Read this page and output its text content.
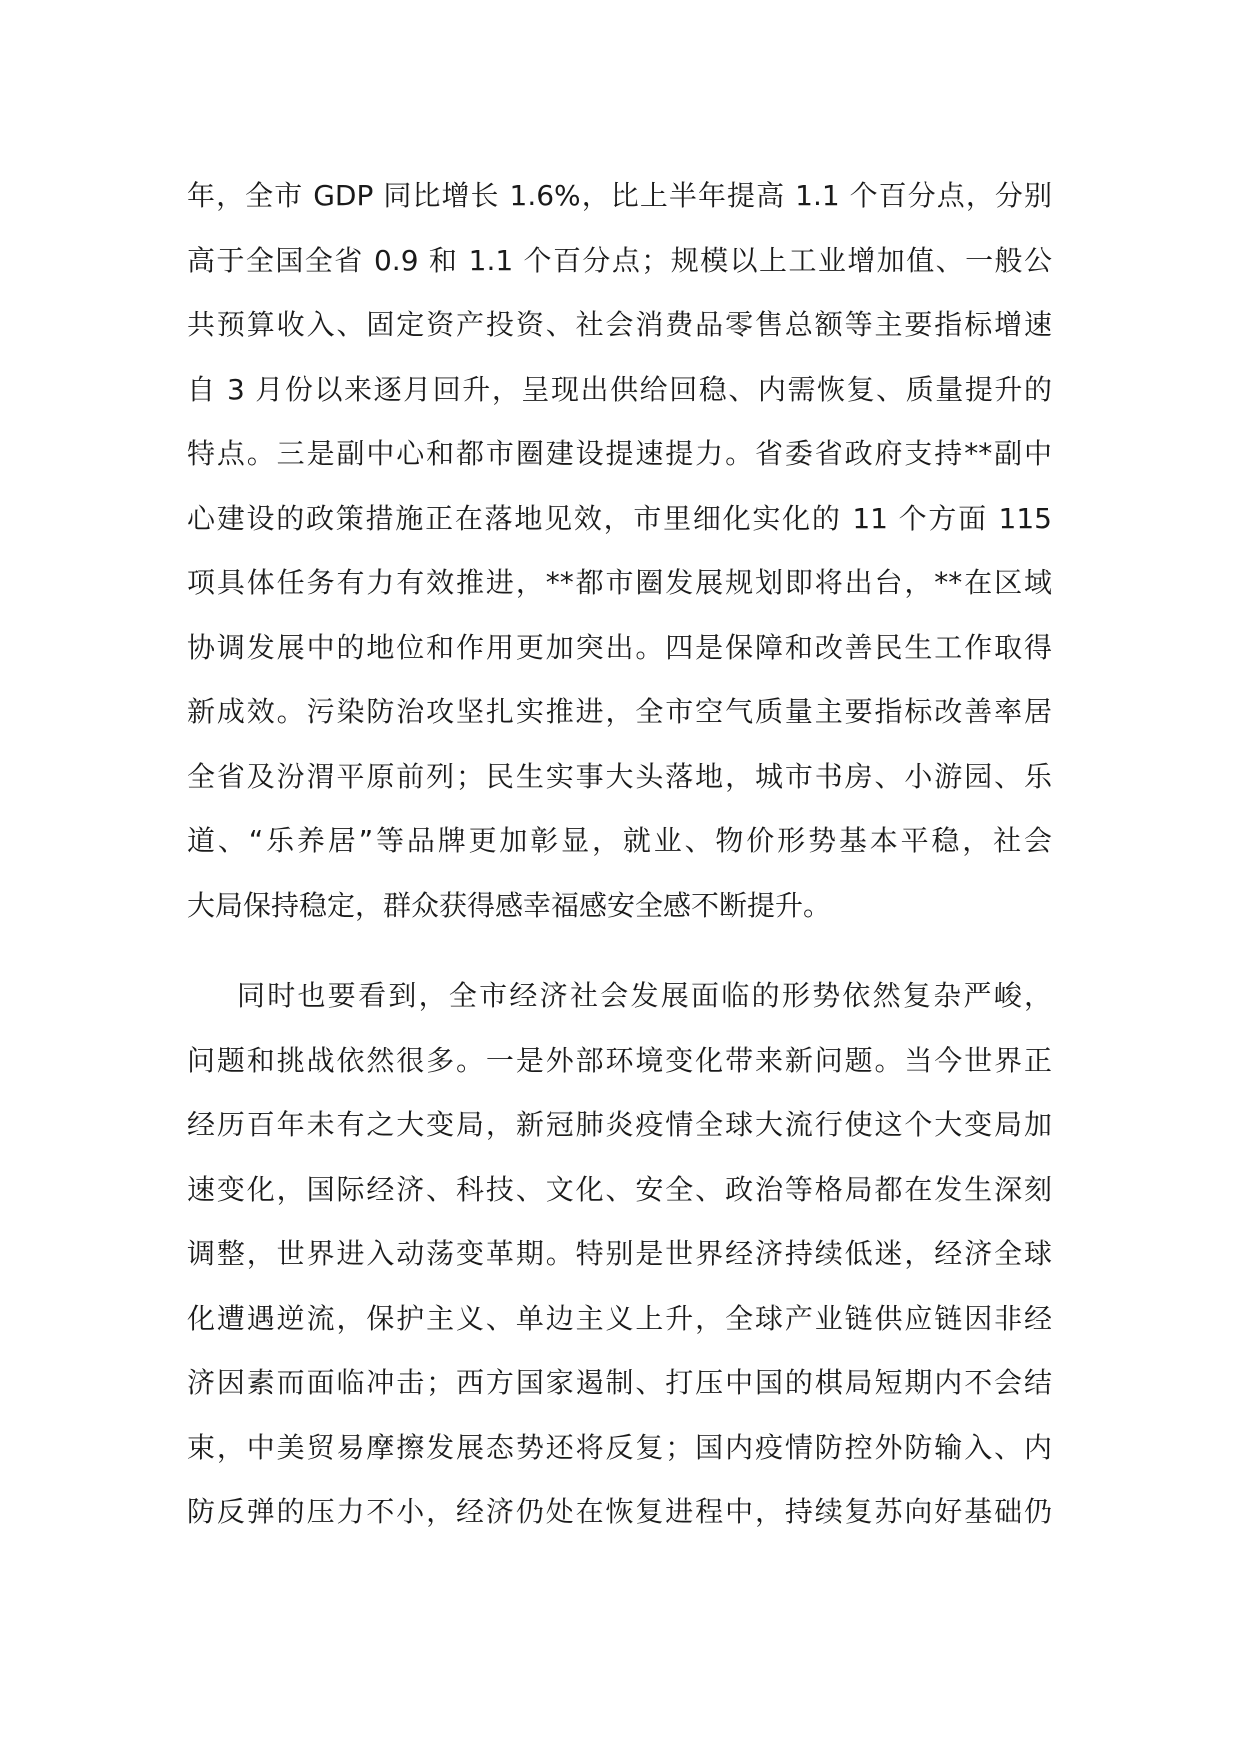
年，全市 GDP 同比增长 1.6%，比上半年提高 1.1 个百分点，分别
高于全国全省 0.9 和 1.1 个百分点；规模以上工业增加值、一般公
共预算收入、固定资产投资、社会消费品零售总额等主要指标增速
自 3 月份以来逐月回升，呈现出供给回稳、内需恢复、质量提升的
特点。三是副中心和都市圈建设提速提力。省委省政府支持**副中
心建设的政策措施正在落地见效，市里细化实化的 11 个方面 115
项具体任务有力有效推进，**都市圈发展规划即将出台，**在区域
协调发展中的地位和作用更加突出。四是保障和改善民生工作取得
新成效。污染防治攻坚扎实推进，全市空气质量主要指标改善率居
全省及汾渭平原前列；民生实事大头落地，城市书房、小游园、乐
道、“乐养居”等品牌更加彰显，就业、物价形势基本平稳，社会
大局保持稳定，群众获得感幸福感安全感不断提升。
同时也要看到，全市经济社会发展面临的形势依然复杂严峻，
问题和挑战依然很多。一是外部环境变化带来新问题。当今世界正
经历百年未有之大变局，新冠肺炎疫情全球大流行使这个大变局加
速变化，国际经济、科技、文化、安全、政治等格局都在发生深刻
调整，世界进入动荡变革期。特别是世界经济持续低迷，经济全球
化遭遇逆流，保护主义、单边主义上升，全球产业链供应链因非经
济因素而面临冲击；西方国家遏制、打压中国的棋局短期内不会结
束，中美贸易摩擦发展态势还将反复；国内疫情防控外防输入、内
防反弹的压力不小，经济仍处在恢复进程中，持续复苏向好基础仍
